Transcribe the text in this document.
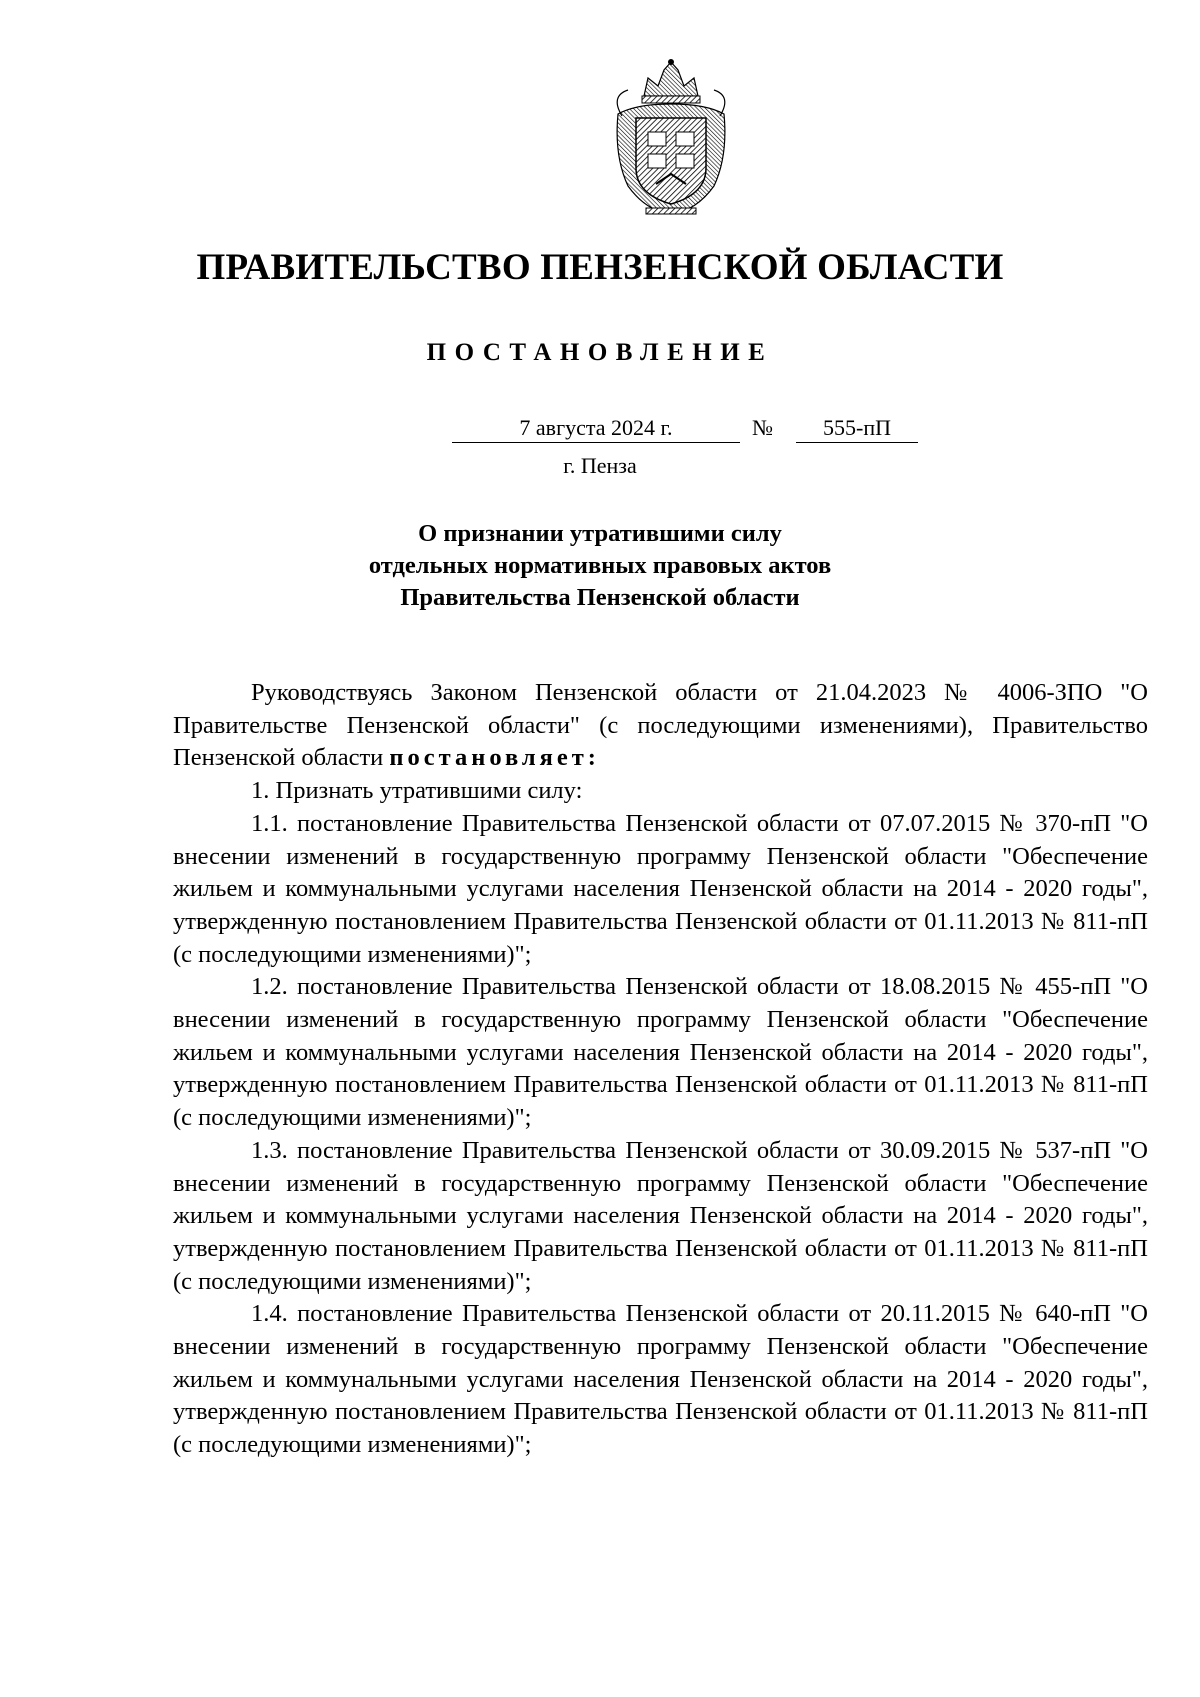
ПРАВИТЕЛЬСТВО ПЕНЗЕНСКОЙ ОБЛАСТИ
ПОСТАНОВЛЕНИЕ
7 августа 2024 г.	№	555-пП
г. Пенза
О признании утратившими силу
отдельных нормативных правовых актов
Правительства Пензенской области

Руководствуясь Законом Пензенской области от 21.04.2023 № 4006-ЗПО "О Правительстве Пензенской области" (с последующими изменениями), Правительство Пензенской области постановляет:

1. Признать утратившими силу:

1.1. постановление Правительства Пензенской области от 07.07.2015 № 370-пП "О внесении изменений в государственную программу Пензенской области "Обеспечение жильем и коммунальными услугами населения Пензенской области на 2014 - 2020 годы", утвержденную постановлением Правительства Пензенской области от 01.11.2013 № 811-пП (с последующими изменениями)";

1.2. постановление Правительства Пензенской области от 18.08.2015 № 455-пП "О внесении изменений в государственную программу Пензенской области "Обеспечение жильем и коммунальными услугами населения Пензенской области на 2014 - 2020 годы", утвержденную постановлением Правительства Пензенской области от 01.11.2013 № 811-пП (с последующими изменениями)";

1.3. постановление Правительства Пензенской области от 30.09.2015 № 537-пП "О внесении изменений в государственную программу Пензенской области "Обеспечение жильем и коммунальными услугами населения Пензенской области на 2014 - 2020 годы", утвержденную постановлением Правительства Пензенской области от 01.11.2013 № 811-пП (с последующими изменениями)";

1.4. постановление Правительства Пензенской области от 20.11.2015 № 640-пП "О внесении изменений в государственную программу Пензенской области "Обеспечение жильем и коммунальными услугами населения Пензенской области на 2014 - 2020 годы", утвержденную постановлением Правительства Пензенской области от 01.11.2013 № 811-пП (с последующими изменениями)";
